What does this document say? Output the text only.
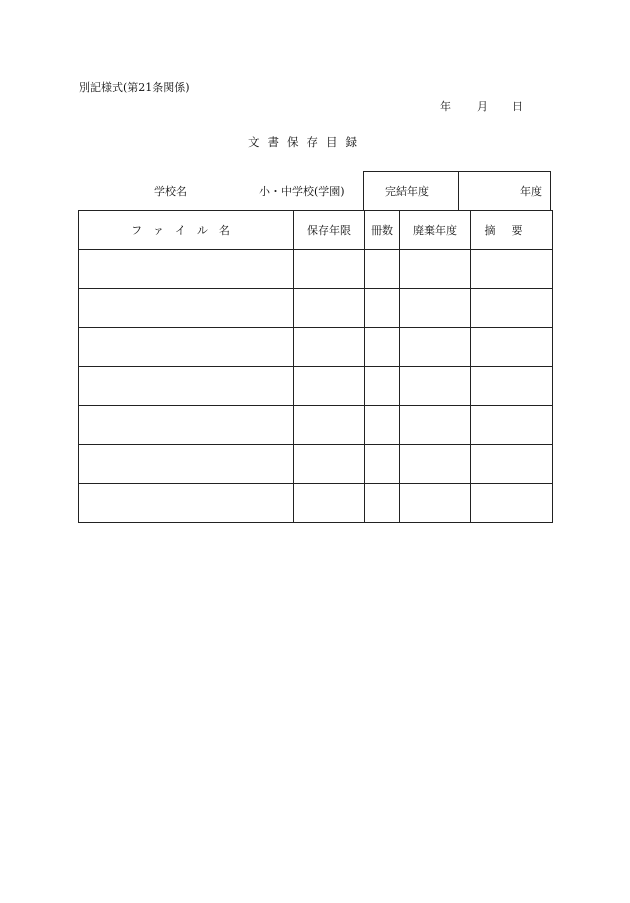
別記様式(第21条関係)
年 月 日
文書保存目録
学校名	小・中学校(学園)	完結年度	年度
ファイル名	保存年限	冊数	廃棄年度	摘要
